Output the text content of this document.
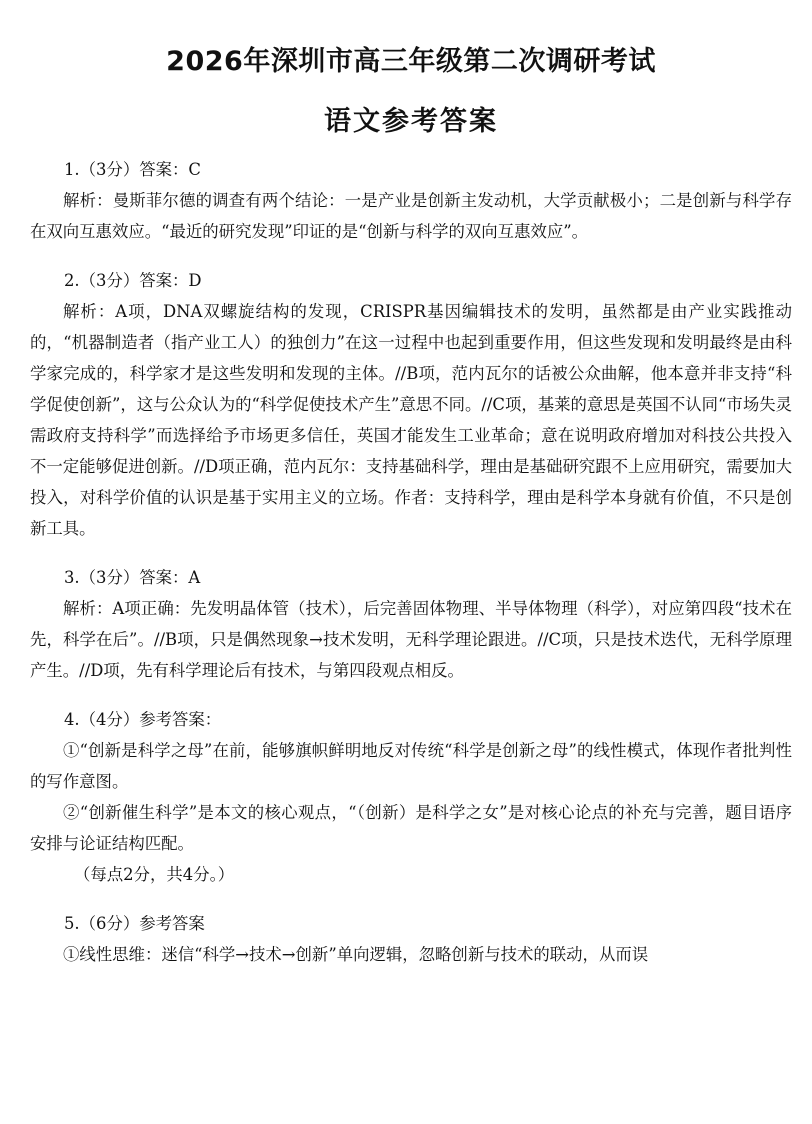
2026年深圳市高三年级第二次调研考试
语文参考答案

1.（3分）答案：C

解析：曼斯菲尔德的调查有两个结论：一是产业是创新主发动机，大学贡献极小；二是创新与科学存在双向互惠效应。“最近的研究发现”印证的是“创新与科学的双向互惠效应”。

2.（3分）答案：D

解析：A项，DNA双螺旋结构的发现，CRISPR基因编辑技术的发明，虽然都是由产业实践推动的，“机器制造者（指产业工人）的独创力”在这一过程中也起到重要作用，但这些发现和发明最终是由科学家完成的，科学家才是这些发明和发现的主体。//B项，范内瓦尔的话被公众曲解，他本意并非支持“科学促使创新”，这与公众认为的“科学促使技术产生”意思不同。//C项，基莱的意思是英国不认同“市场失灵需政府支持科学”而选择给予市场更多信任，英国才能发生工业革命；意在说明政府增加对科技公共投入不一定能够促进创新。//D项正确，范内瓦尔：支持基础科学，理由是基础研究跟不上应用研究，需要加大投入，对科学价值的认识是基于实用主义的立场。作者：支持科学，理由是科学本身就有价值，不只是创新工具。

3.（3分）答案：A

解析：A项正确：先发明晶体管（技术），后完善固体物理、半导体物理（科学），对应第四段“技术在先，科学在后”。//B项，只是偶然现象→技术发明，无科学理论跟进。//C项，只是技术迭代，无科学原理产生。//D项，先有科学理论后有技术，与第四段观点相反。

4.（4分）参考答案：

①“创新是科学之母”在前，能够旗帜鲜明地反对传统“科学是创新之母”的线性模式，体现作者批判性的写作意图。

②“创新催生科学”是本文的核心观点，“（创新）是科学之女”是对核心论点的补充与完善，题目语序安排与论证结构匹配。

（每点2分，共4分。）

5.（6分）参考答案

①线性思维：迷信“科学→技术→创新”单向逻辑，忽略创新与技术的联动，从而误
